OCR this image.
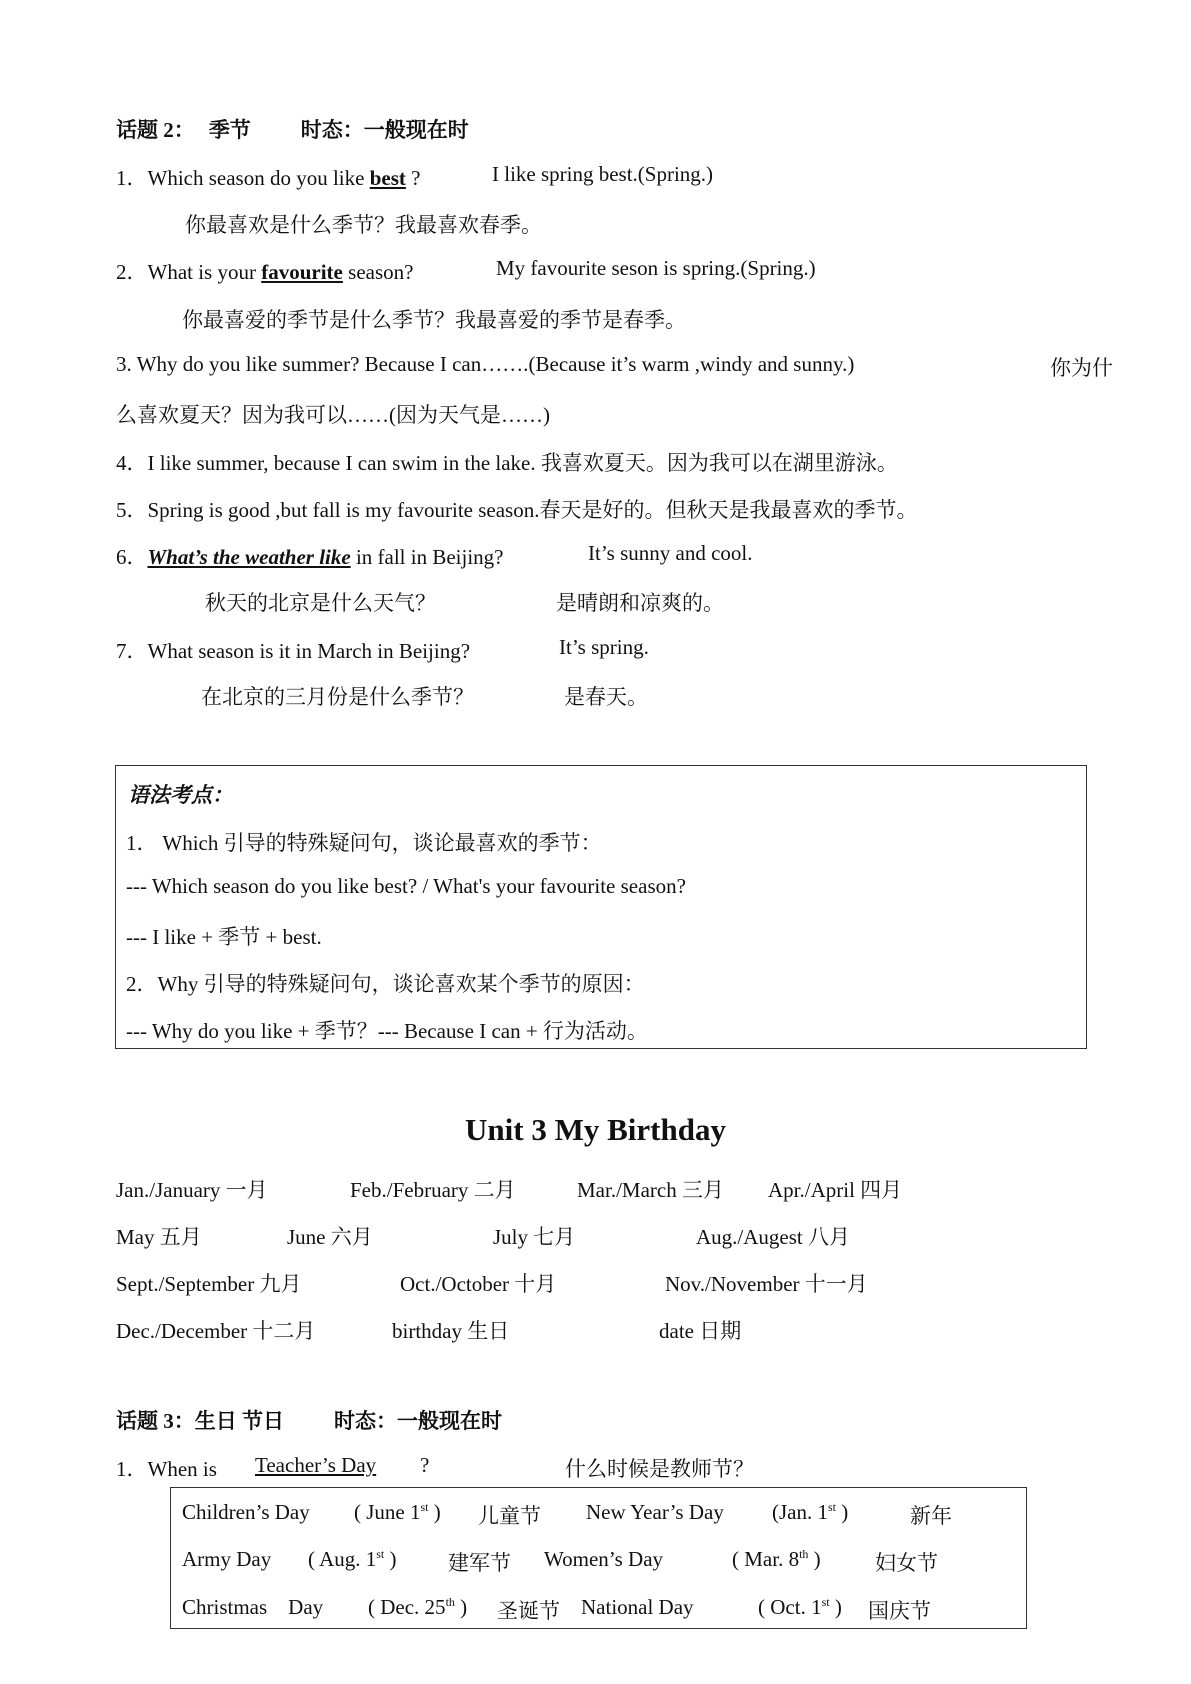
话题 2： 季节 时态：一般现在时
1．Which season do you like best ?	I like spring best.(Spring.)
你最喜欢是什么季节？我最喜欢春季。
2．What is your favourite season?	My favourite seson is spring.(Spring.)
你最喜爱的季节是什么季节？我最喜爱的季节是春季。
3. Why do you like summer? Because I can…….(Because it’s warm ,windy and sunny.)	你为什
么喜欢夏天？因为我可以……(因为天气是……)
4．I like summer, because I can swim in the lake. 我喜欢夏天。因为我可以在湖里游泳。
5．Spring is good ,but fall is my favourite season.春天是好的。但秋天是我最喜欢的季节。
6．What’s the weather like in fall in Beijing?	It’s sunny and cool.
秋天的北京是什么天气？	是晴朗和凉爽的。
7．What season is it in March in Beijing?	It’s spring.
在北京的三月份是什么季节？	是春天。
语法考点：
1． Which 引导的特殊疑问句，谈论最喜欢的季节：
--- Which season do you like best? / What's your favourite season?
--- I like + 季节 + best.
2．Why 引导的特殊疑问句，谈论喜欢某个季节的原因：
--- Why do you like + 季节？--- Because I can + 行为活动。
Unit 3 My Birthday
Jan./January 一月	Feb./February 二月	Mar./March 三月 Apr./April 四月
May 五月	June 六月	July 七月	Aug./Augest 八月
Sept./September 九月	Oct./October 十月	Nov./November 十一月
Dec./December 十二月	birthday 生日	date 日期
话题 3：生日 节日 时态：一般现在时
1．When is Teacher’s Day ?	什么时候是教师节？
Children’s Day ( June 1st ) 儿童节 New Year’s Day (Jan. 1st )	新年
Army Day ( Aug. 1st ) 建军节 Women’s Day	( Mar. 8th )	妇女节
Christmas    Day ( Dec. 25th ) 圣诞节 National Day	( Oct. 1st ) 国庆节
